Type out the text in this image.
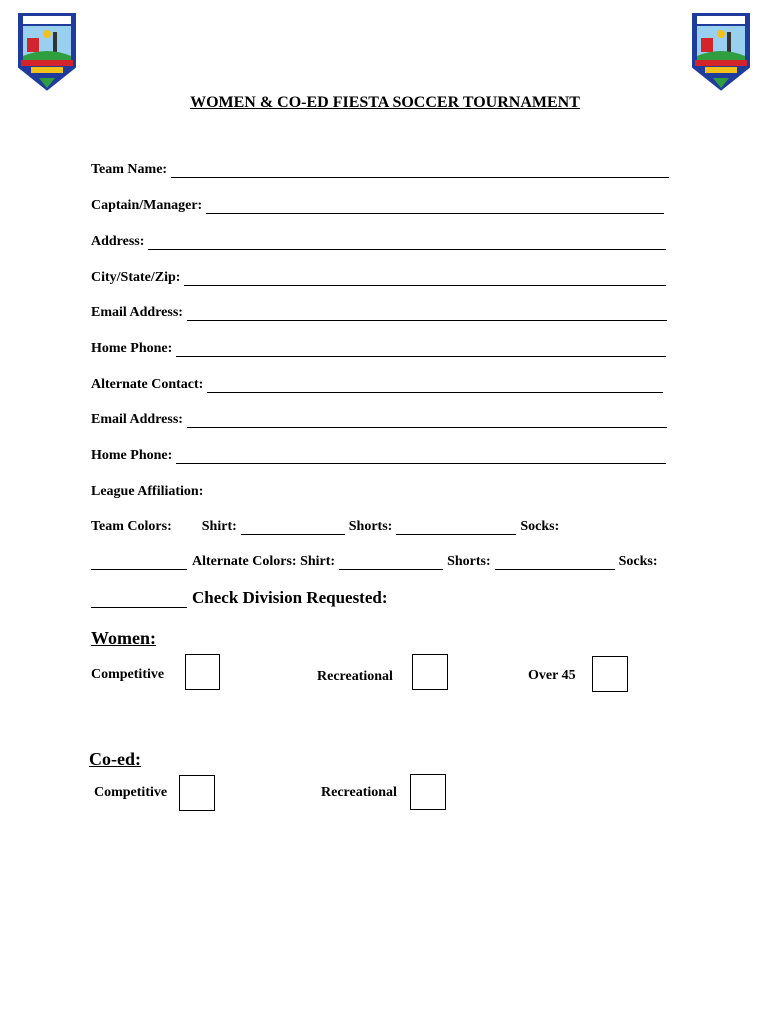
WOMEN & CO-ED FIESTA SOCCER TOURNAMENT
Team Name:
Captain/Manager:
Address:
City/State/Zip:
Email Address:
Home Phone:
Alternate Contact:
Email Address:
Home Phone:
League Affiliation:
Team Colors: Shirt:	Shorts:	Socks:
Alternate Colors: Shirt:	Shorts:	Socks:
Check Division Requested:
Women:
Competitive	Recreational	Over 45
Co-ed:
Competitive	Recreational
